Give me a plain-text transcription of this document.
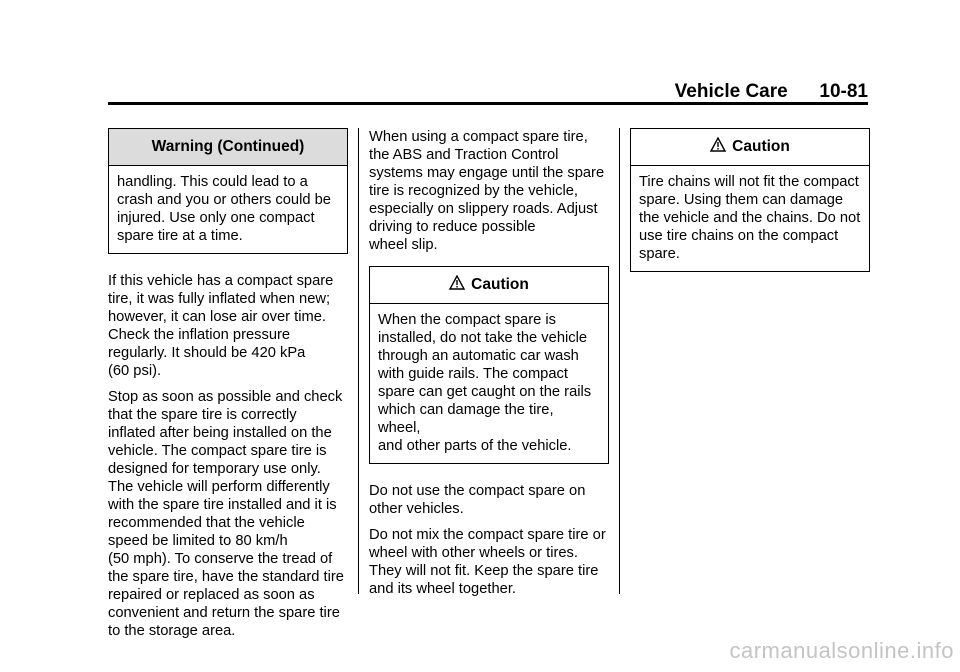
Vehicle Care 10-81
Warning (Continued)
handling. This could lead to a
crash and you or others could be
injured. Use only one compact
spare tire at a time.

If this vehicle has a compact spare
tire, it was fully inflated when new;
however, it can lose air over time.
Check the inflation pressure
regularly. It should be 420 kPa
(60 psi).

Stop as soon as possible and check
that the spare tire is correctly
inflated after being installed on the
vehicle. The compact spare tire is
designed for temporary use only.
The vehicle will perform differently
with the spare tire installed and it is
recommended that the vehicle
speed be limited to 80 km/h
(50 mph). To conserve the tread of
the spare tire, have the standard tire
repaired or replaced as soon as
convenient and return the spare tire
to the storage area.

When using a compact spare tire,
the ABS and Traction Control
systems may engage until the spare
tire is recognized by the vehicle,
especially on slippery roads. Adjust
driving to reduce possible
wheel slip.

Caution
When the compact spare is
installed, do not take the vehicle
through an automatic car wash
with guide rails. The compact
spare can get caught on the rails
which can damage the tire, wheel,
and other parts of the vehicle.

Do not use the compact spare on
other vehicles.

Do not mix the compact spare tire or
wheel with other wheels or tires.
They will not fit. Keep the spare tire
and its wheel together.

Caution
Tire chains will not fit the compact
spare. Using them can damage
the vehicle and the chains. Do not
use tire chains on the compact
spare.
carmanualsonline.info
